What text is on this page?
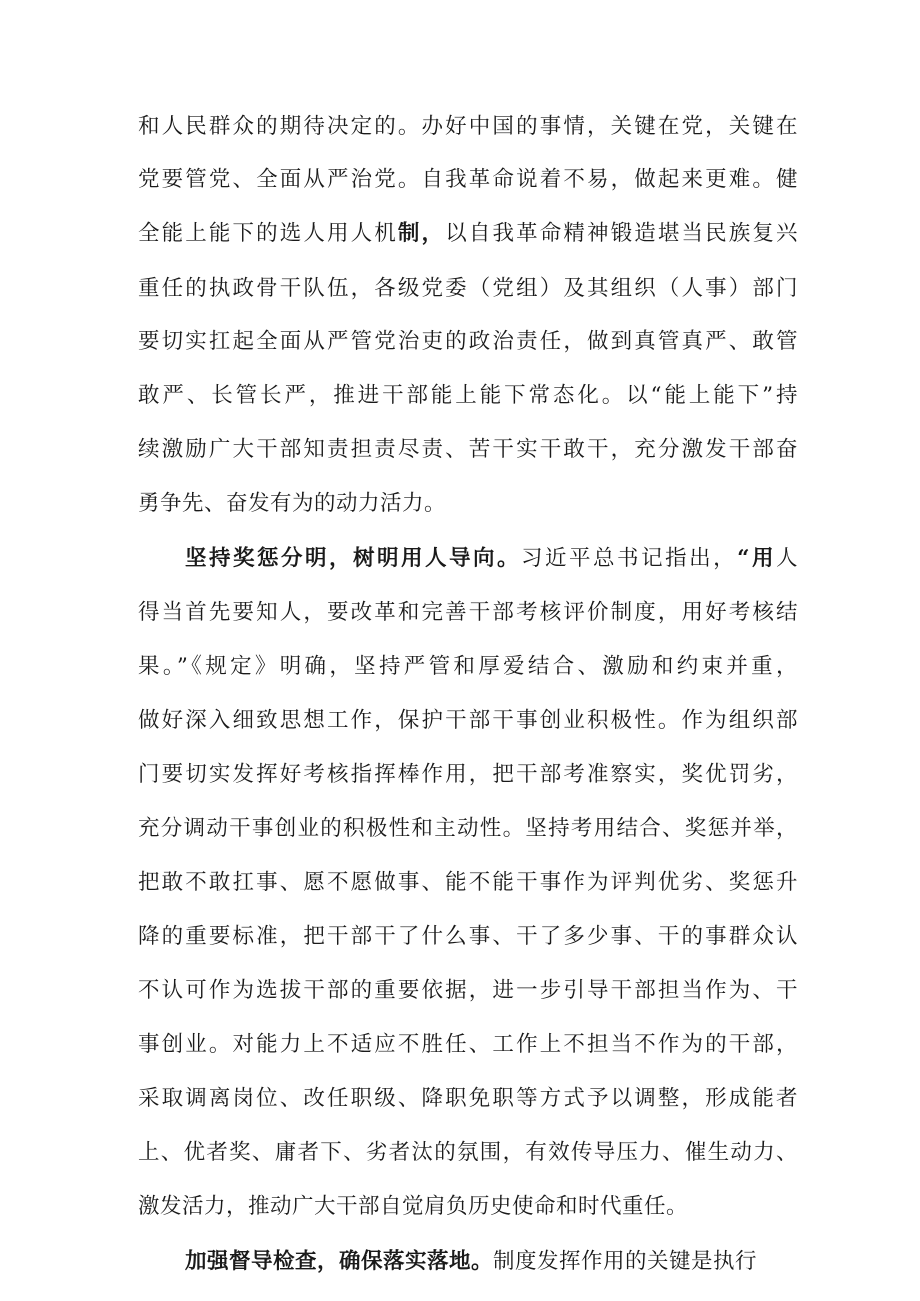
和人民群众的期待决定的。办好中国的事情，关键在党，关键在
党要管党、全面从严治党。自我革命说着不易，做起来更难。健
全能上能下的选人用人机制，以自我革命精神锻造堪当民族复兴
重任的执政骨干队伍，各级党委（党组）及其组织（人事）部门
要切实扛起全面从严管党治吏的政治责任，做到真管真严、敢管
敢严、长管长严，推进干部能上能下常态化。以“能上能下”持
续激励广大干部知责担责尽责、苦干实干敢干，充分激发干部奋
勇争先、奋发有为的动力活力。
坚持奖惩分明，树明用人导向。习近平总书记指出，“用人
得当首先要知人，要改革和完善干部考核评价制度，用好考核结
果。”《规定》明确，坚持严管和厚爱结合、激励和约束并重，
做好深入细致思想工作，保护干部干事创业积极性。作为组织部
门要切实发挥好考核指挥棒作用，把干部考准察实，奖优罚劣，
充分调动干事创业的积极性和主动性。坚持考用结合、奖惩并举，
把敢不敢扛事、愿不愿做事、能不能干事作为评判优劣、奖惩升
降的重要标准，把干部干了什么事、干了多少事、干的事群众认
不认可作为选拔干部的重要依据，进一步引导干部担当作为、干
事创业。对能力上不适应不胜任、工作上不担当不作为的干部，
采取调离岗位、改任职级、降职免职等方式予以调整，形成能者
上、优者奖、庸者下、劣者汰的氛围，有效传导压力、催生动力、
激发活力，推动广大干部自觉肩负历史使命和时代重任。
加强督导检查，确保落实落地。制度发挥作用的关键是执行
